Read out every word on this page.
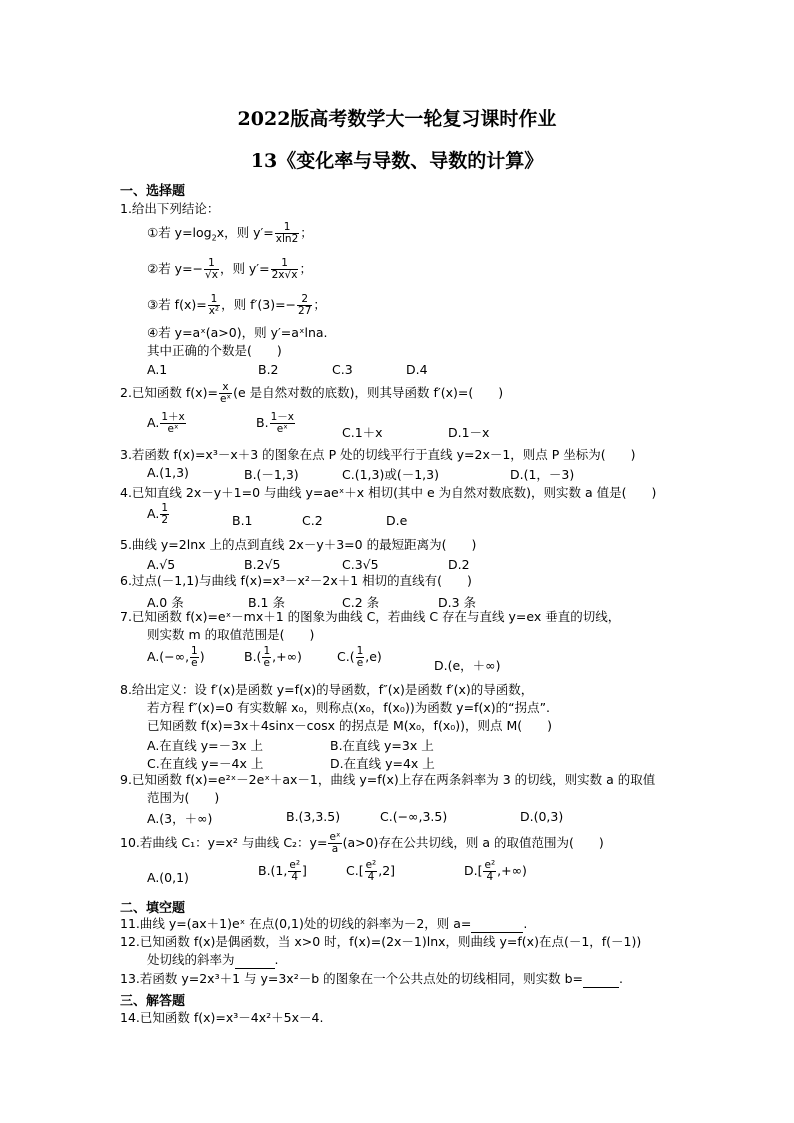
2022版高考数学大一轮复习课时作业
13《变化率与导数、导数的计算》
一、选择题
1.给出下列结论：
①若 $y=\log_2x$，则 $y'= \frac{1}{xln2}$ ；
②若 $y=- \frac{1}{√x}$ ，则 $y'= \frac{1}{2x√x}$ ；
③若 $f(x)= \frac{1}{\text{x²}}$ ，则 $f'(3)=- \frac{2}{27}$ ；
④若 y=aˣ(a>0)，则 y′=aˣlna.
其中正确的个数是(　　)
A.1	B.2	C.3	D.4
2.已知函数 $f(x)= \frac{x}{\text{eˣ}} (e$ 是自然对数的底数)，则其导函数 f′(x)=(　　)
A. $\frac{1+x}{\text{eˣ}}$	B. $\frac{1-x}{\text{eˣ}}$	C.1＋x	D.1－x
3.若函数 f(x)=x³－x＋3 的图象在点 P 处的切线平行于直线 y=2x－1，则点 P 坐标为(　　)
A.(1,3)	B.(－1,3)	C.(1,3)或(－1,3)	D.(1，－3)
4.已知直线 2x－y＋1=0 与曲线 y=aeˣ＋x 相切(其中 e 为自然对数底数)，则实数 a 值是(　　)
A. $\frac{1}{2}$	B.1	C.2	D.e
5.曲线 y=2lnx 上的点到直线 2x－y＋3=0 的最短距离为(　　)
A.√5	B.2√5	C.3√5	D.2
6.过点(－1,1)与曲线 f(x)=x³－x²－2x＋1 相切的直线有(　　)
A.0 条	B.1 条	C.2 条	D.3 条
7.已知函数 f(x)=eˣ－mx＋1 的图象为曲线 C，若曲线 C 存在与直线 y=ex 垂直的切线，
则实数 m 的取值范围是(　　)
A.(−∞, $\frac{1}{e}$ )	$B.( \frac{1}{e}$ ,+∞)	$C.( \frac{1}{e} ,e)$
D.(e，＋∞)
8.给出定义：设 f′(x)是函数 y=f(x)的导函数，f″(x)是函数 f′(x)的导函数，
若方程 f″(x)=0 有实数解 x₀，则称点(x₀，f(x₀))为函数 y=f(x)的“拐点”.
已知函数 f(x)=3x＋4sinx－cosx 的拐点是 M(x₀，f(x₀))，则点 M(　　)
A.在直线 y=－3x 上	B.在直线 y=3x 上
C.在直线 y=－4x 上	D.在直线 y=4x 上
9.已知函数 f(x)=e²ˣ－2eˣ＋ax－1，曲线 y=f(x)上存在两条斜率为 3 的切线，则实数 a 的取值
范围为(　　)
A.(3，＋∞)	B.(3,3.5)	C.(−∞,3.5)	D.(0,3)
10.若曲线 C₁：y=x² 与曲线 C₂：$y= \frac{\text{eˣ}}{a} (a>0)$存在公共切线，则 a 的取值范围为(　　)
A.(0,1)	B.(1, $\frac{\text{e²}}{4}$ ]	$C.[ \frac{\text{e²}}{4} ,2]$	$D.[ \frac{\text{e²}}{4}$ ,+∞)
二、填空题
11.曲线 y=(ax＋1)eˣ 在点(0,1)处的切线的斜率为－2，则 a=	.
12.已知函数 f(x)是偶函数，当 x>0 时，f(x)=(2x－1)lnx，则曲线 y=f(x)在点(－1，f(－1))
处切线的斜率为	.
13.若函数 y=2x³＋1 与 y=3x²－b 的图象在一个公共点处的切线相同，则实数 b=	.
三、解答题
14.已知函数 f(x)=x³－4x²＋5x－4.
